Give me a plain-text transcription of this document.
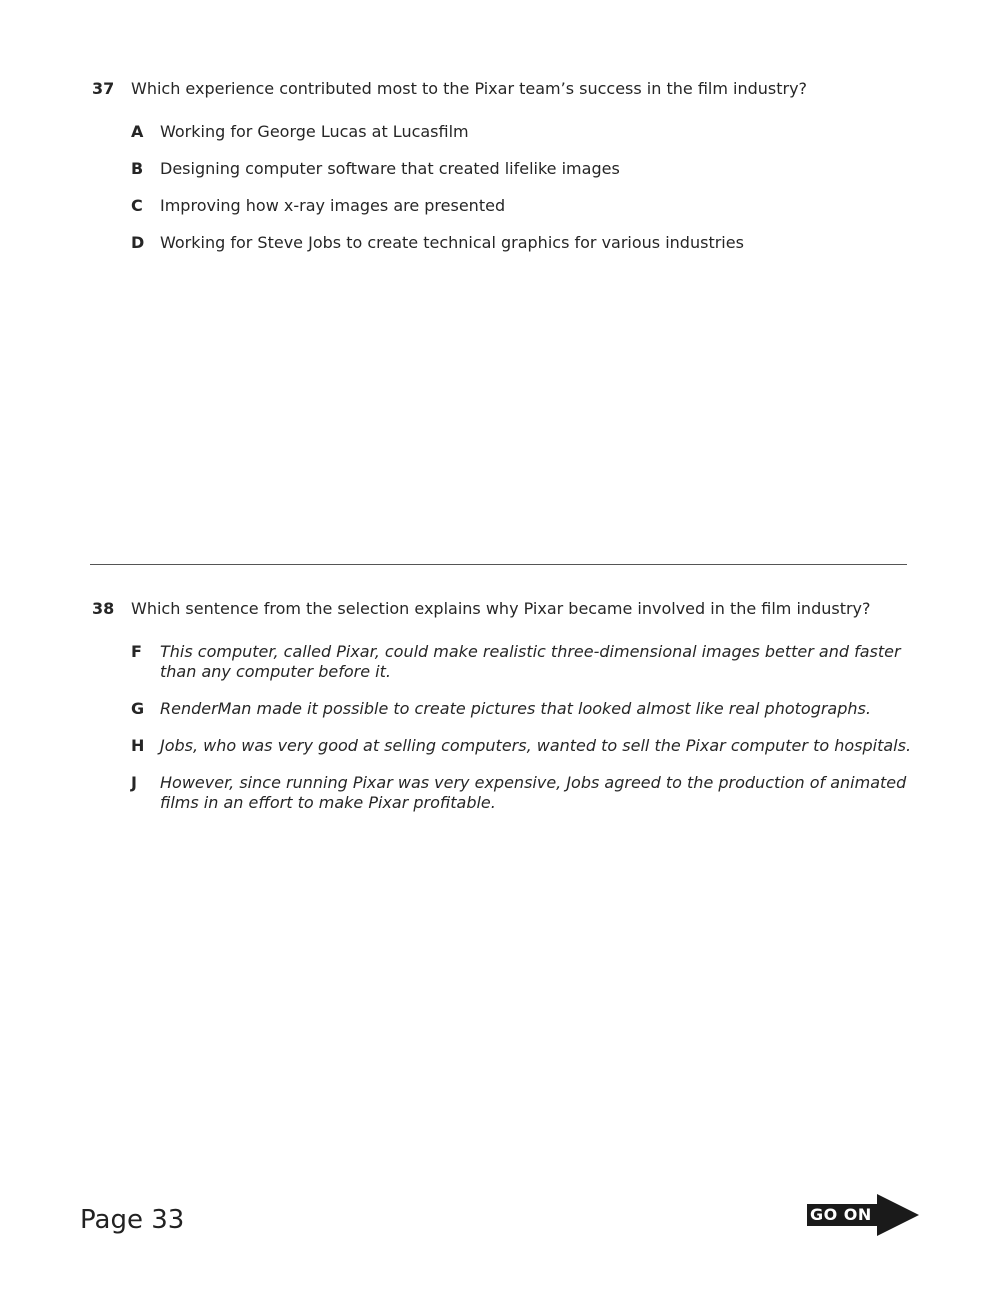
37	Which experience contributed most to the Pixar team’s success in the film industry?
A	Working for George Lucas at Lucasfilm
B	Designing computer software that created lifelike images
C	Improving how x-ray images are presented
D Working for Steve Jobs to create technical graphics for various industries
38	Which sentence from the selection explains why Pixar became involved in the film industry?
F	This computer, called Pixar, could make realistic three-dimensional images better and faster than any computer before it.
G RenderMan made it possible to create pictures that looked almost like real photographs.
H Jobs, who was very good at selling computers, wanted to sell the Pixar computer to hospitals.
J	However, since running Pixar was very expensive, Jobs agreed to the production of animated films in an effort to make Pixar profitable.
Page 33	GO ON
